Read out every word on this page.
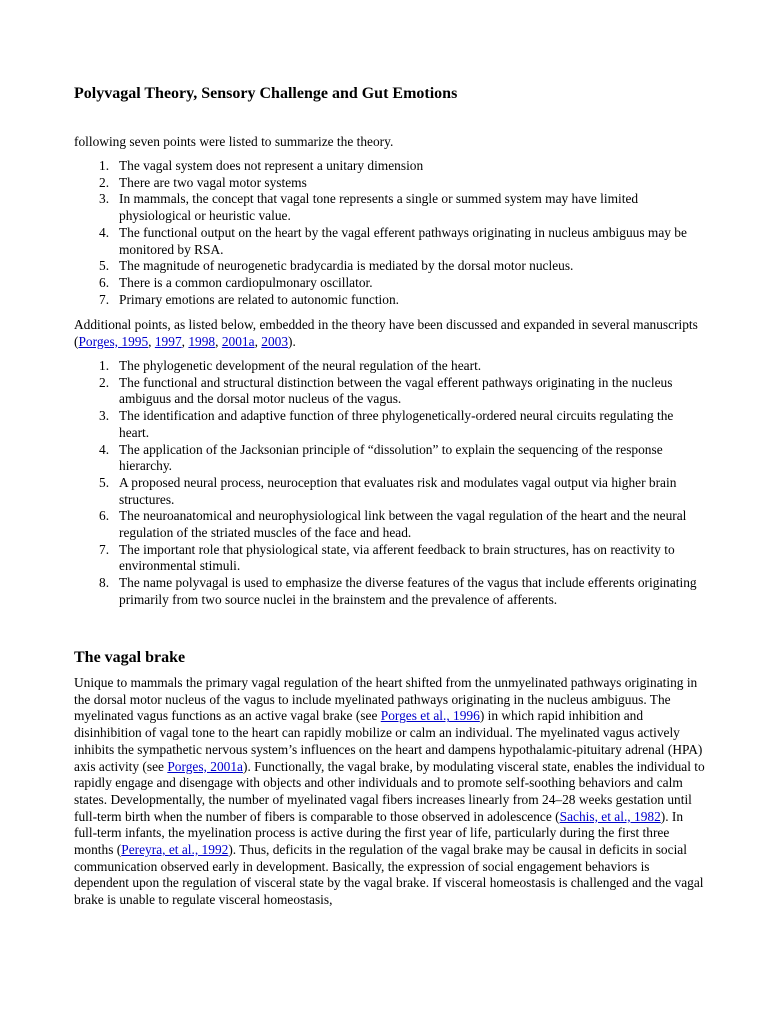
Polyvagal Theory, Sensory Challenge and Gut Emotions

following seven points were listed to summarize the theory.

1. The vagal system does not represent a unitary dimension
2. There are two vagal motor systems
3. In mammals, the concept that vagal tone represents a single or summed system may have limited physiological or heuristic value.
4. The functional output on the heart by the vagal efferent pathways originating in nucleus ambiguus may be monitored by RSA.
5. The magnitude of neurogenetic bradycardia is mediated by the dorsal motor nucleus.
6. There is a common cardiopulmonary oscillator.
7. Primary emotions are related to autonomic function.

Additional points, as listed below, embedded in the theory have been discussed and expanded in several manuscripts (Porges, 1995, 1997, 1998, 2001a, 2003).

1. The phylogenetic development of the neural regulation of the heart.
2. The functional and structural distinction between the vagal efferent pathways originating in the nucleus ambiguus and the dorsal motor nucleus of the vagus.
3. The identification and adaptive function of three phylogenetically-ordered neural circuits regulating the heart.
4. The application of the Jacksonian principle of “dissolution” to explain the sequencing of the response hierarchy.
5. A proposed neural process, neuroception that evaluates risk and modulates vagal output via higher brain structures.
6. The neuroanatomical and neurophysiological link between the vagal regulation of the heart and the neural regulation of the striated muscles of the face and head.
7. The important role that physiological state, via afferent feedback to brain structures, has on reactivity to environmental stimuli.
8. The name polyvagal is used to emphasize the diverse features of the vagus that include efferents originating primarily from two source nuclei in the brainstem and the prevalence of afferents.
The vagal brake

Unique to mammals the primary vagal regulation of the heart shifted from the unmyelinated pathways originating in the dorsal motor nucleus of the vagus to include myelinated pathways originating in the nucleus ambiguus. The myelinated vagus functions as an active vagal brake (see Porges et al., 1996) in which rapid inhibition and disinhibition of vagal tone to the heart can rapidly mobilize or calm an individual. The myelinated vagus actively inhibits the sympathetic nervous system’s influences on the heart and dampens hypothalamic-pituitary adrenal (HPA) axis activity (see Porges, 2001a). Functionally, the vagal brake, by modulating visceral state, enables the individual to rapidly engage and disengage with objects and other individuals and to promote self-soothing behaviors and calm states. Developmentally, the number of myelinated vagal fibers increases linearly from 24–28 weeks gestation until full-term birth when the number of fibers is comparable to those observed in adolescence (Sachis, et al., 1982). In full-term infants, the myelination process is active during the first year of life, particularly during the first three months (Pereyra, et al., 1992). Thus, deficits in the regulation of the vagal brake may be causal in deficits in social communication observed early in development. Basically, the expression of social engagement behaviors is dependent upon the regulation of visceral state by the vagal brake. If visceral homeostasis is challenged and the vagal brake is unable to regulate visceral homeostasis,
